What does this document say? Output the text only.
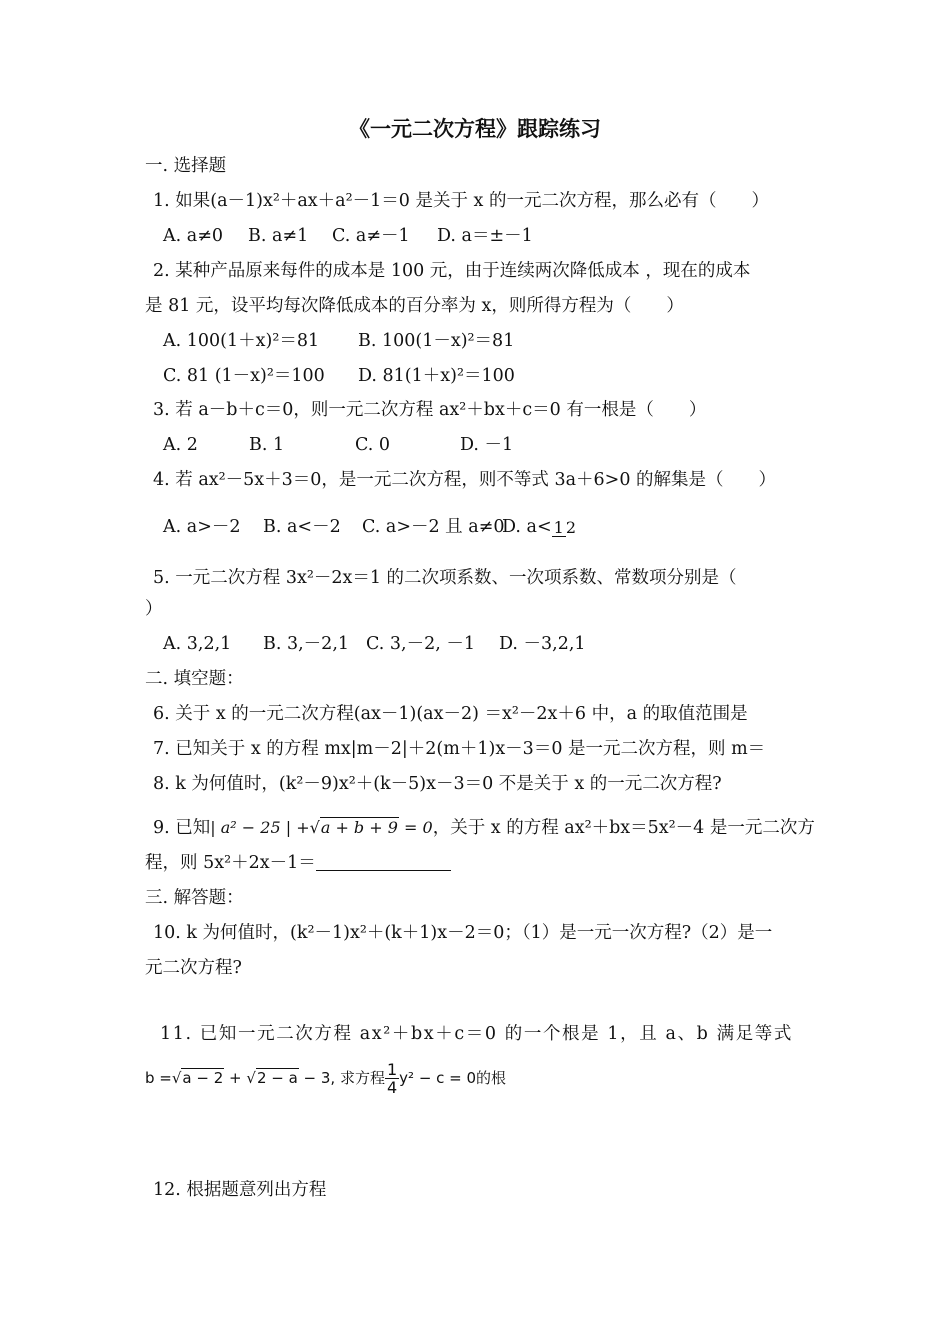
《一元二次方程》跟踪练习
一. 选择题
1. 如果(a－1)x²＋ax＋a²－1＝0 是关于 x 的一元二次方程，那么必有（　　）
A. a≠0 B. a≠1 C. a≠－1 D. a＝±－1
2. 某种产品原来每件的成本是 100 元，由于连续两次降低成本 ，现在的成本
是 81 元，设平均每次降低成本的百分率为 x，则所得方程为（　　）
A. 100(1＋x)²＝81 B. 100(1－x)²＝81
C. 81 (1－x)²＝100 D. 81(1＋x)²＝100
3. 若 a－b＋c＝0，则一元二次方程 ax²＋bx＋c＝0 有一根是（　　）
A. 2	B. 1	C. 0	D. －1
4. 若 ax²－5x＋3＝0，是一元二次方程，则不等式 3a＋6>0 的解集是（　　）
A. a>－2 B. a<－2 C. a>－2 且 a≠0D. a< 1 2
5. 一元二次方程 3x²－2x＝1 的二次项系数、一次项系数、常数项分别是（
）
A. 3,2,1 B. 3,－2,1 C. 3,－2, －1 D. －3,2,1
二. 填空题：
6. 关于 x 的一元二次方程(ax－1)(ax－2) ＝x²－2x＋6 中，a 的取值范围是
7. 已知关于 x 的方程 mx|m－2|＋2(m＋1)x－3＝0 是一元二次方程，则 m＝
8. k 为何值时，(k²－9)x²＋(k－5)x－3＝0 不是关于 x 的一元二次方程?
9. 已知| a² − 25 | +√a + b + 9 = 0，关于 x 的方程 ax²＋bx＝5x²－4 是一元二次方
程，则 5x²＋2x－1＝
三. 解答题：
10. k 为何值时，(k²－1)x²＋(k＋1)x－2＝0；（1）是一元一次方程?（2）是一
元二次方程?
11. 已知一元二次方程 ax²＋bx＋c＝0 的一个根是 1，且 a、b 满足等式
b =√a − 2 + √2 − a − 3, 求方程 $\frac{1}{4} y^2 - c = 0$的根
12. 根据题意列出方程
